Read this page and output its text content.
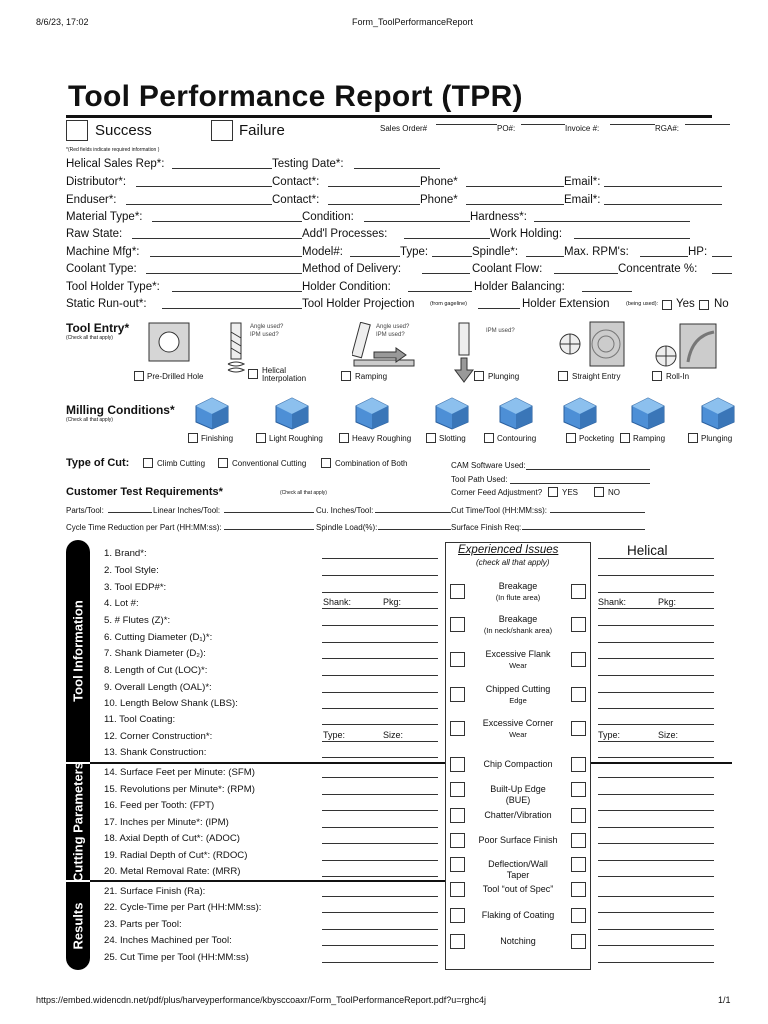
8/6/23, 17:02	Form_ToolPerformanceReport
https://embed.widencdn.net/pdf/plus/harveyperformance/kbysccoaxr/Form_ToolPerformanceReport.pdf?u=rghc4j	1/1
Tool Performance Report (TPR)
Success	Failure	Sales Order#	PO#:	Invoice #:	RGA#:
*(Red fields indicate required information )
Helical Sales Rep*:	Testing Date*:
Distributor*:	Contact*:	Phone*	Email*:
Enduser*:	Contact*:	Phone*	Email*:
Material Type*:	Condition:	Hardness*:
Raw State:	Add'l Processes:	Work Holding:
Machine Mfg*:	Model#:	Type:	Spindle*:	Max. RPM's:	HP:
Coolant Type:	Method of Delivery:	Coolant Flow:	Concentrate %:
Tool Holder Type*:	Holder Condition:	Holder Balancing:
Static Run-out*:	Tool Holder Projection	(from gageline)	Holder Extension	(being used): Yes No
Tool Entry*
(Check all that apply)
Angle used?
IPM used?
Angle used?
IPM used?
IPM used?
Pre-Drilled Hole
Helical
Interpolation	Ramping	Plunging	Straight Entry	Roll-In
Milling Conditions*
(Check all that apply)
Finishing	Light Roughing	Heavy Roughing	Slotting	Contouring	Pocketing Ramping	Plunging
Type of Cut:	Climb Cutting	Conventional Cutting	Combination of Both	CAM Software Used:
Tool Path Used:
Corner Feed Adjustment? YES	NO
Customer Test Requirements*	(Check all that apply)
Parts/Tool:	Linear Inches/Tool:	Cu. Inches/Tool:	Cut Time/Tool (HH:MM:ss):
Cycle Time Reduction per Part (HH:MM:ss):	Spindle Load(%):	Surface Finish Req:
Tool Information
Cutting Parameters
Results
1. Brand*:
2. Tool Style:
3. Tool EDP#*:
4. Lot #:
5. # Flutes (Z)*:
6. Cutting Diameter (D₁)*:
7. Shank Diameter (D₂):
8. Length of Cut (LOC)*:
9. Overall Length (OAL)*:
10. Length Below Shank (LBS):
11. Tool Coating:
12. Corner Construction*:
13. Shank Construction:
14. Surface Feet per Minute: (SFM)
15. Revolutions per Minute*: (RPM)
16. Feed per Tooth: (FPT)
17. Inches per Minute*: (IPM)
18. Axial Depth of Cut*: (ADOC)
19. Radial Depth of Cut*: (RDOC)
20. Metal Removal Rate: (MRR)
21. Surface Finish (Ra):
22. Cycle-Time per Part (HH:MM:ss):
23. Parts per Tool:
24. Inches Machined per Tool:
25. Cut Time per Tool (HH:MM:ss)
Shank:	Pkg:
Type:	Size:
Experienced Issues
(check all that apply)
Breakage
(In flute area)
Breakage
(In neck/shank area)
Excessive Flank
Wear
Chipped Cutting
Edge
Excessive Corner
Wear
Chip Compaction
Built-Up Edge (BUE)
Chatter/Vibration
Poor Surface Finish
Deflection/Wall Taper
Tool “out of Spec”
Flaking of Coating
Notching
Helical
Shank:	Pkg:
Type:	Size:
